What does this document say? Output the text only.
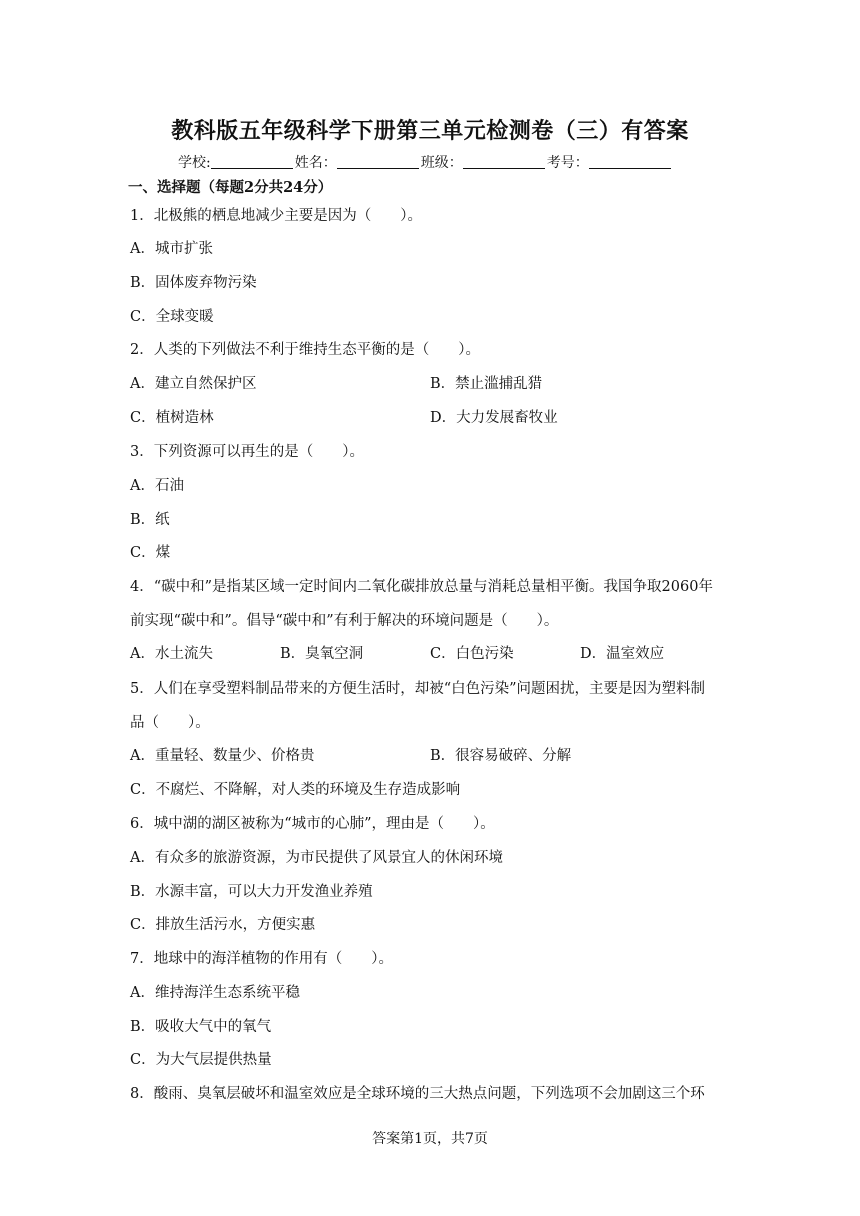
教科版五年级科学下册第三单元检测卷（三）有答案
学校:	姓名：	班级：	考号：
一、选择题（每题2分共24分）
1．北极熊的栖息地减少主要是因为（　　）。
A．城市扩张
B．固体废弃物污染
C．全球变暖
2．人类的下列做法不利于维持生态平衡的是（　　）。
A．建立自然保护区	B．禁止滥捕乱猎
C．植树造林	D．大力发展畜牧业
3．下列资源可以再生的是（　　）。
A．石油
B．纸
C．煤
4．“碳中和”是指某区域一定时间内二氧化碳排放总量与消耗总量相平衡。我国争取2060年
前实现“碳中和”。倡导“碳中和”有利于解决的环境问题是（　　）。
A．水土流失	B．臭氧空洞	C．白色污染	D．温室效应
5．人们在享受塑料制品带来的方便生活时，却被“白色污染”问题困扰，主要是因为塑料制
品（　　）。
A．重量轻、数量少、价格贵	B．很容易破碎、分解
C．不腐烂、不降解，对人类的环境及生存造成影响
6．城中湖的湖区被称为“城市的心肺”，理由是（　　）。
A．有众多的旅游资源，为市民提供了风景宜人的休闲环境
B．水源丰富，可以大力开发渔业养殖
C．排放生活污水，方便实惠
7．地球中的海洋植物的作用有（　　）。
A．维持海洋生态系统平稳
B．吸收大气中的氧气
C．为大气层提供热量
8．酸雨、臭氧层破坏和温室效应是全球环境的三大热点问题，下列选项不会加剧这三个环
答案第1页，共7页
